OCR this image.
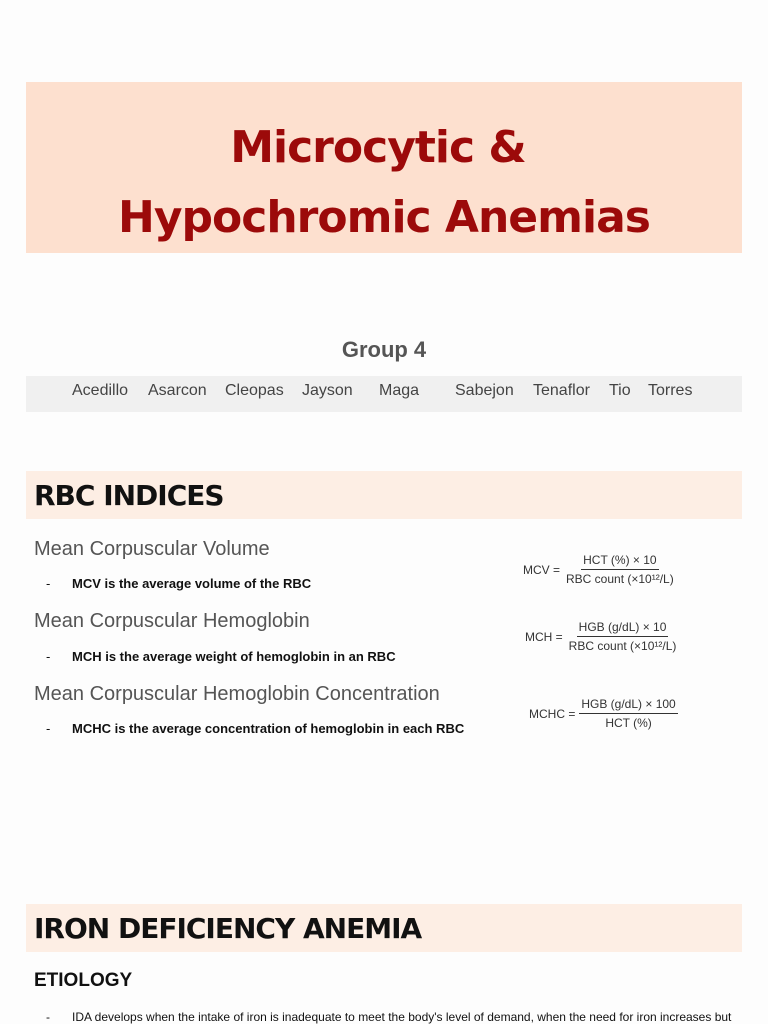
Microcytic &
Hypochromic Anemias
Group 4
Acedillo Asarcon Cleopas Jayson Maga Sabejon Tenaflor Tio Torres
RBC INDICES
Mean Corpuscular Volume
- MCV is the average volume of the RBC
MCV = $\frac{\text{HCT (\%) × 10}}{\text{RBC count (×10¹²/L)}}$
Mean Corpuscular Hemoglobin
- MCH is the average weight of hemoglobin in an RBC
MCH = $\frac{\text{HGB (g/dL) × 10}}{\text{RBC count (×10¹²/L)}}$
Mean Corpuscular Hemoglobin Concentration
- MCHC is the average concentration of hemoglobin in each RBC
MCHC = $\frac{\text{HGB (g/dL) × 100}}{\text{HCT (\%)}}$
IRON DEFICIENCY ANEMIA
ETIOLOGY
- IDA develops when the intake of iron is inadequate to meet the body's level of demand, when the need for iron increases but
